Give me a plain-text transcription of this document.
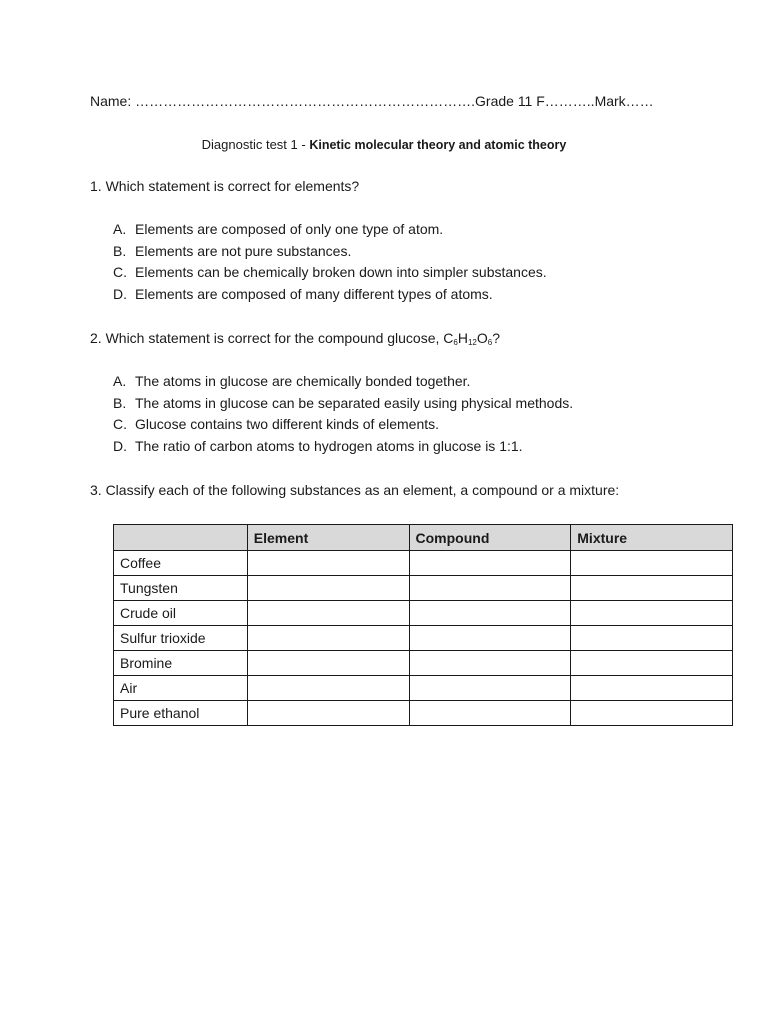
Name: ……………………………………………………………….Grade 11 F………..Mark……
Diagnostic test 1 - Kinetic molecular theory and atomic theory
1. Which statement is correct for elements?
A. Elements are composed of only one type of atom.
B. Elements are not pure substances.
C. Elements can be chemically broken down into simpler substances.
D. Elements are composed of many different types of atoms.
2. Which statement is correct for the compound glucose, $C_6H_{12}O_6$?
A. The atoms in glucose are chemically bonded together.
B. The atoms in glucose can be separated easily using physical methods.
C. Glucose contains two different kinds of elements.
D. The ratio of carbon atoms to hydrogen atoms in glucose is 1:1.
3. Classify each of the following substances as an element, a compound or a mixture:
	Element	Compound	Mixture
Coffee			
Tungsten			
Crude oil			
Sulfur trioxide			
Bromine			
Air			
Pure ethanol			
